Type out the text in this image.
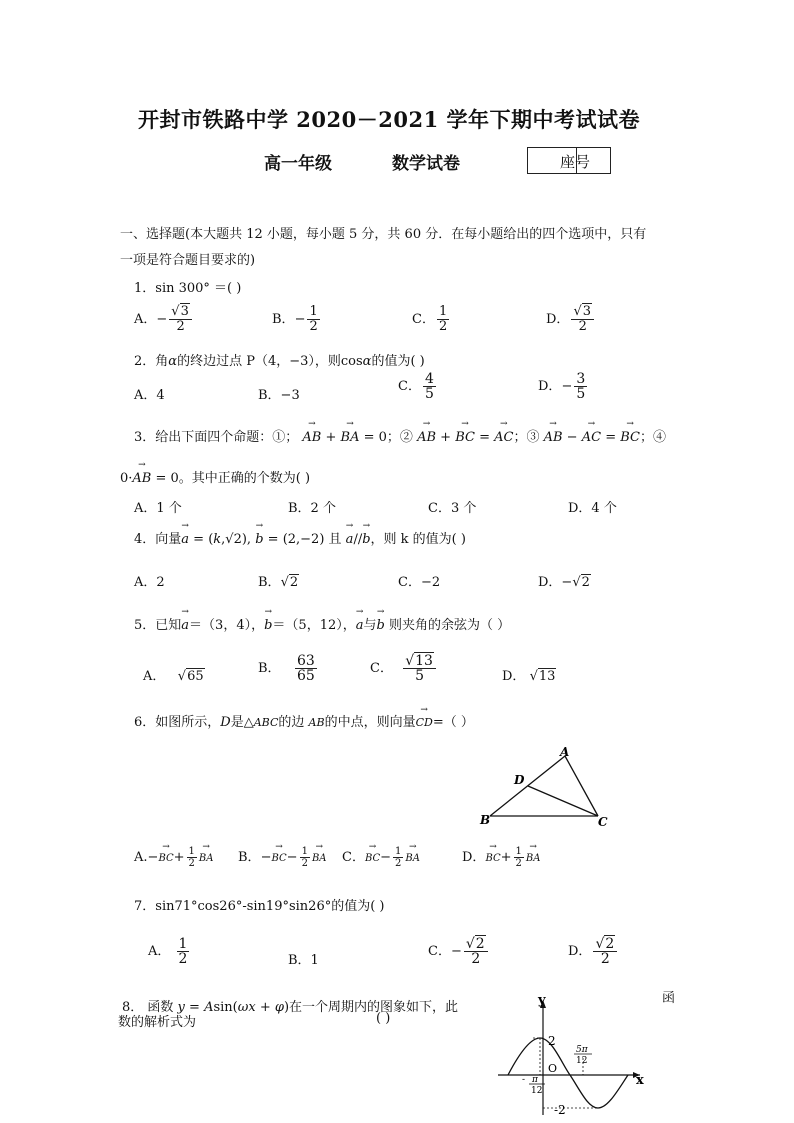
开封市铁路中学 2020－2021 学年下期中考试试卷
高一年级	数学试卷	座号
一、选择题(本大题共 12 小题，每小题 5 分，共 60 分．在每小题给出的四个选项中，只有
一项是符合题目要求的)
1．sin 300° ＝( )
A．− $\frac{√3}{2}$	B．− $\frac{1}{2}$	C． $\frac{1}{2}$	D． $\frac{√3}{2}$
2．角α的终边过点 P（4，−3），则cosα的值为( )
A．4	B．−3
C． $\frac{4}{5}$	D．− $\frac{3}{5}$
3．给出下面四个命题：①； → AB + → BA = 0；② → AB + → BC = → AC；③ → AB − → AC = → BC；④
0·→ AB = 0。其中正确的个数为( )
A．1 个	B．2 个	C．3 个	D．4 个
4．向量→ a = (k,√2), → b = (2,−2) 且 → a//→ b，则 k 的值为( )
A．2	B．√2	C．−2	D．−√2
5．已知→ a＝（3，4），→ b＝（5，12），→ a与→ b 则夹角的余弦为（ ）
A．   √65
B． $\frac{63}{65}$	C． $\frac{√13}{5}$	D． √13
6．如图所示，D是△ABC的边 AB的中点，则向量→ CD=（ ）
A
B	C
D
$A.-\to BC+ \frac{1}{2}$ → BA B．−→ $BC- \frac{1}{2}$ → BA C．→ $BC- \frac{1}{2}$ → BA	D．→ $BC+ \frac{1}{2}$ → BA
7．sin71°cos26°-sin19°sin26°的值为( )
A． $\frac{1}{2}$	B．1
C．− $\frac{√2}{2}$	D． $\frac{√2}{2}$
8． 函数 y = Asin(ωx + φ)在一个周期内的图象如下，此
函
数的解析式为	( )
y
x
O
2
-2
- π
12
5π
12
